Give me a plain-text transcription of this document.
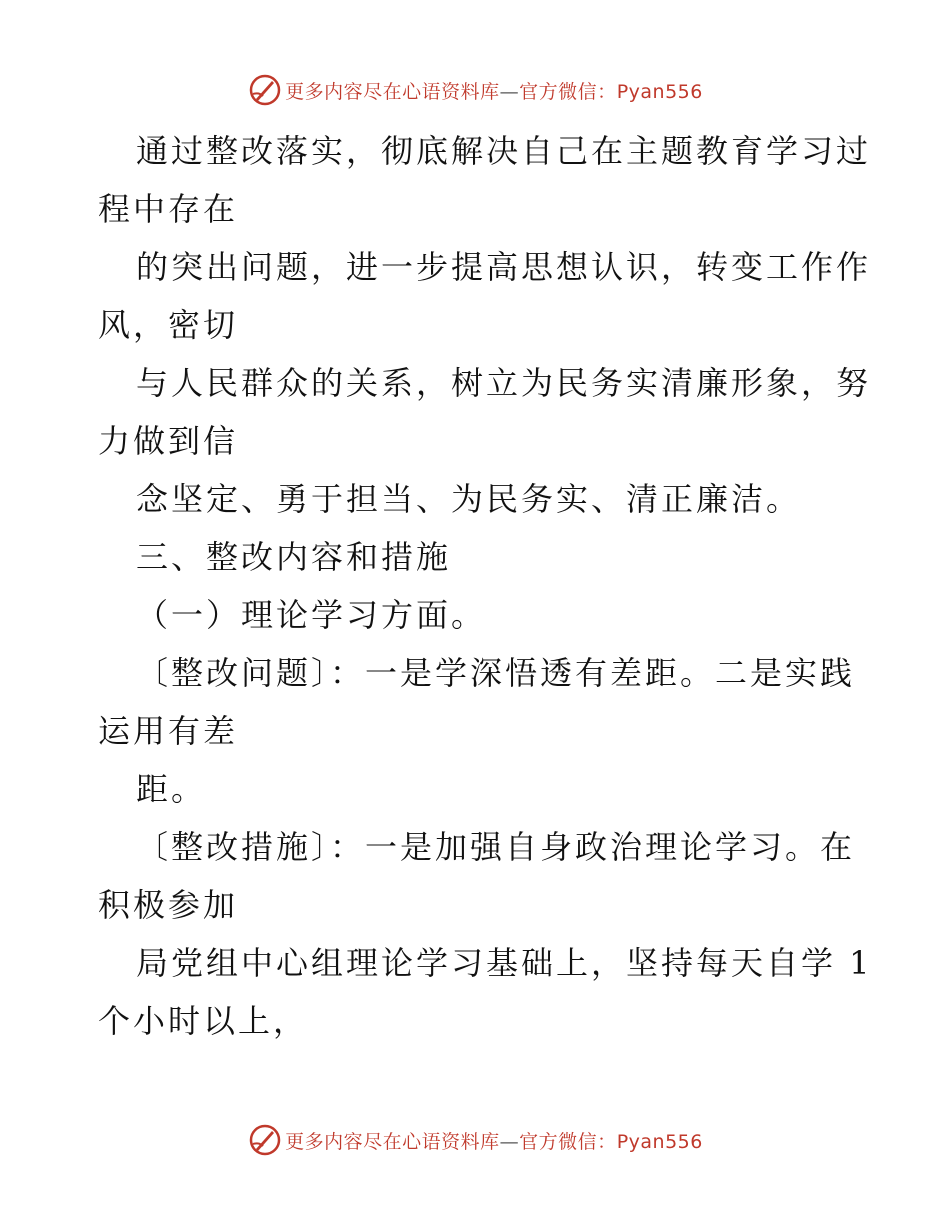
更多内容尽在心语资料库—官方微信：Pyan556
通过整改落实，彻底解决自己在主题教育学习过
程中存在
的突出问题，进一步提高思想认识，转变工作作
风，密切
与人民群众的关系，树立为民务实清廉形象，努
力做到信
念坚定、勇于担当、为民务实、清正廉洁。
三、整改内容和措施
（一）理论学习方面。
〔整改问题〕：一是学深悟透有差距。二是实践
运用有差
距。
〔整改措施〕：一是加强自身政治理论学习。在
积极参加
局党组中心组理论学习基础上，坚持每天自学 1
个小时以上，
更多内容尽在心语资料库—官方微信：Pyan556
